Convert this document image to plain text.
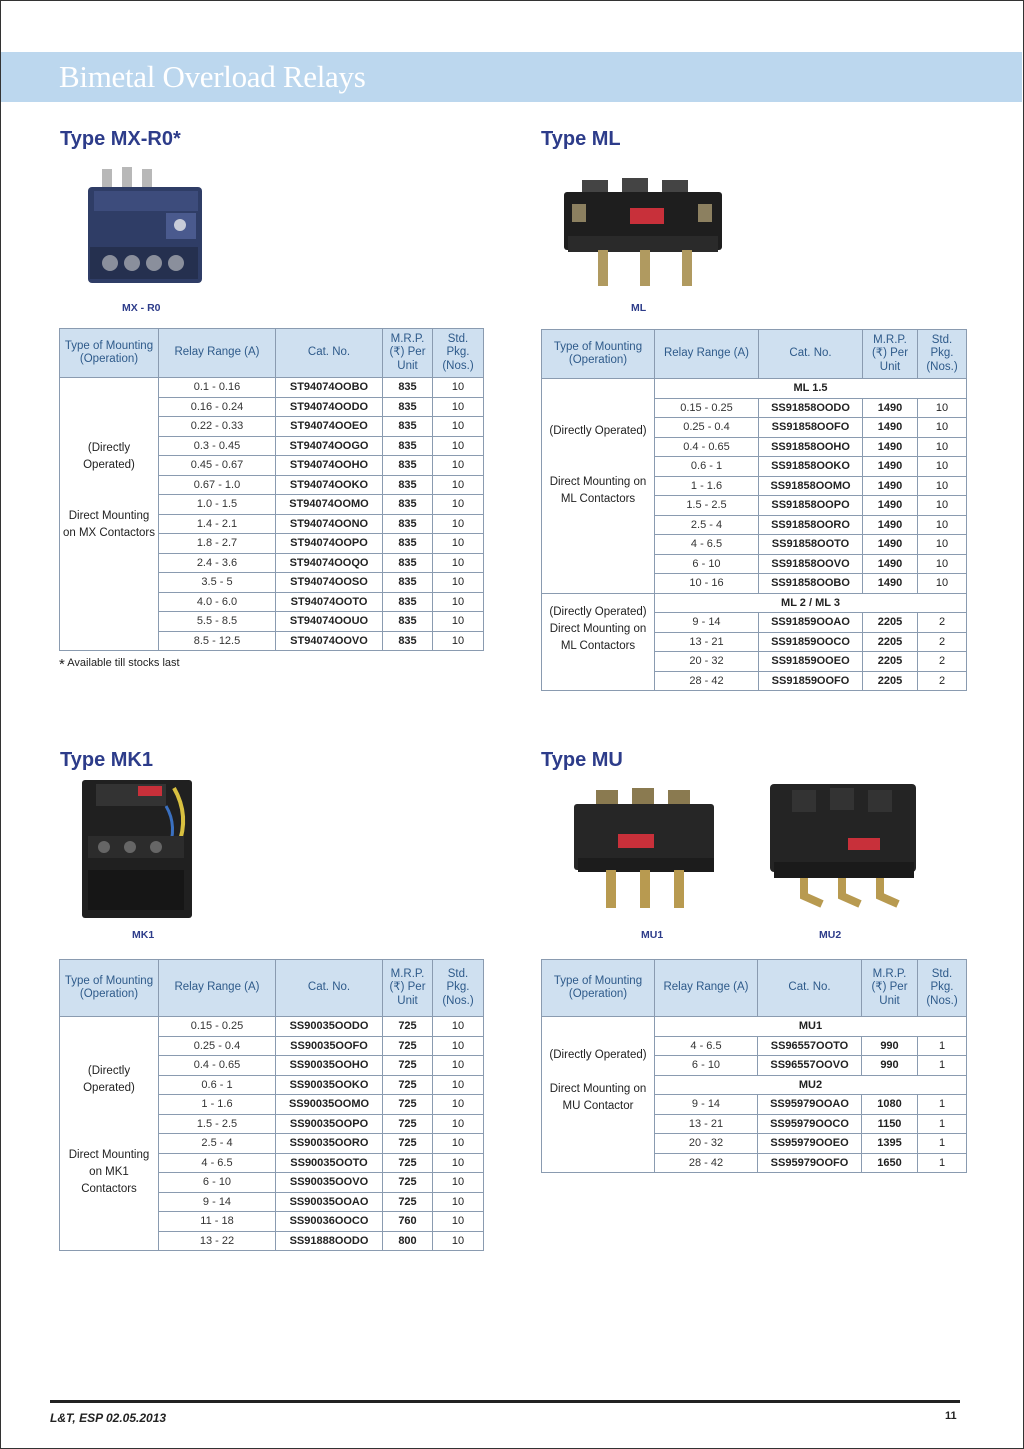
Bimetal Overload Relays
Type MX-R0*
MX - R0
Type of Mounting (Operation)	Relay Range (A)	Cat. No.	M.R.P. (₹) Per Unit	Std. Pkg. (Nos.)

(Directly Operated)
Direct Mounting on MX Contactors	0.1 - 0.16	ST94074OOBO	835	10
	0.16 - 0.24	ST94074OODO	835	10
	0.22 - 0.33	ST94074OOEO	835	10
	0.3 - 0.45	ST94074OOGO	835	10
	0.45 - 0.67	ST94074OOHO	835	10
	0.67 - 1.0	ST94074OOKO	835	10
	1.0 - 1.5	ST94074OOMO	835	10
	1.4 - 2.1	ST94074OONO	835	10
	1.8 - 2.7	ST94074OOPO	835	10
	2.4 - 3.6	ST94074OOQO	835	10
	3.5 - 5	ST94074OOSO	835	10
	4.0 - 6.0	ST94074OOTO	835	10
	5.5 - 8.5	ST94074OOUO	835	10
	8.5 - 12.5	ST94074OOVO	835	10
* Available till stocks last
Type ML
ML
Type of Mounting (Operation)	Relay Range (A)	Cat. No.	M.R.P. (₹) Per Unit	Std. Pkg. (Nos.)

(Directly Operated)
Direct Mounting on ML Contactors	ML 1.5			
	0.15 - 0.25	SS91858OODO	1490	10
	0.25 - 0.4	SS91858OOFO	1490	10
	0.4 - 0.65	SS91858OOHO	1490	10
	0.6 - 1	SS91858OOKO	1490	10
	1 - 1.6	SS91858OOMO	1490	10
	1.5 - 2.5	SS91858OOPO	1490	10
	2.5 - 4	SS91858OORO	1490	10
	4 - 6.5	SS91858OOTO	1490	10
	6 - 10	SS91858OOVO	1490	10
	10 - 16	SS91858OOBO	1490	10

(Directly Operated)
Direct Mounting on ML Contactors	ML 2 / ML 3			
	9 - 14	SS91859OOAO	2205	2
	13 - 21	SS91859OOCO	2205	2
	20 - 32	SS91859OOEO	2205	2
	28 - 42	SS91859OOFO	2205	2
Type MK1
MK1
Type of Mounting (Operation)	Relay Range (A)	Cat. No.	M.R.P. (₹) Per Unit	Std. Pkg. (Nos.)

(Directly Operated)
Direct Mounting on MK1 Contactors	0.15 - 0.25	SS90035OODO	725	10
	0.25 - 0.4	SS90035OOFO	725	10
	0.4 - 0.65	SS90035OOHO	725	10
	0.6 - 1	SS90035OOKO	725	10
	1 - 1.6	SS90035OOMO	725	10
	1.5 - 2.5	SS90035OOPO	725	10
	2.5 - 4	SS90035OORO	725	10
	4 - 6.5	SS90035OOTO	725	10
	6 - 10	SS90035OOVO	725	10
	9 - 14	SS90035OOAO	725	10
	11 - 18	SS90036OOCO	760	10
	13 - 22	SS91888OODO	800	10
Type MU
MU1	MU2
Type of Mounting (Operation)	Relay Range (A)	Cat. No.	M.R.P. (₹) Per Unit	Std. Pkg. (Nos.)

(Directly Operated)
Direct Mounting on MU Contactor	MU1			
	4 - 6.5	SS96557OOTO	990	1
	6 - 10	SS96557OOVO	990	1
	MU2			
	9 - 14	SS95979OOAO	1080	1
	13 - 21	SS95979OOCO	1150	1
	20 - 32	SS95979OOEO	1395	1
	28 - 42	SS95979OOFO	1650	1
L&T, ESP 02.05.2013	11
